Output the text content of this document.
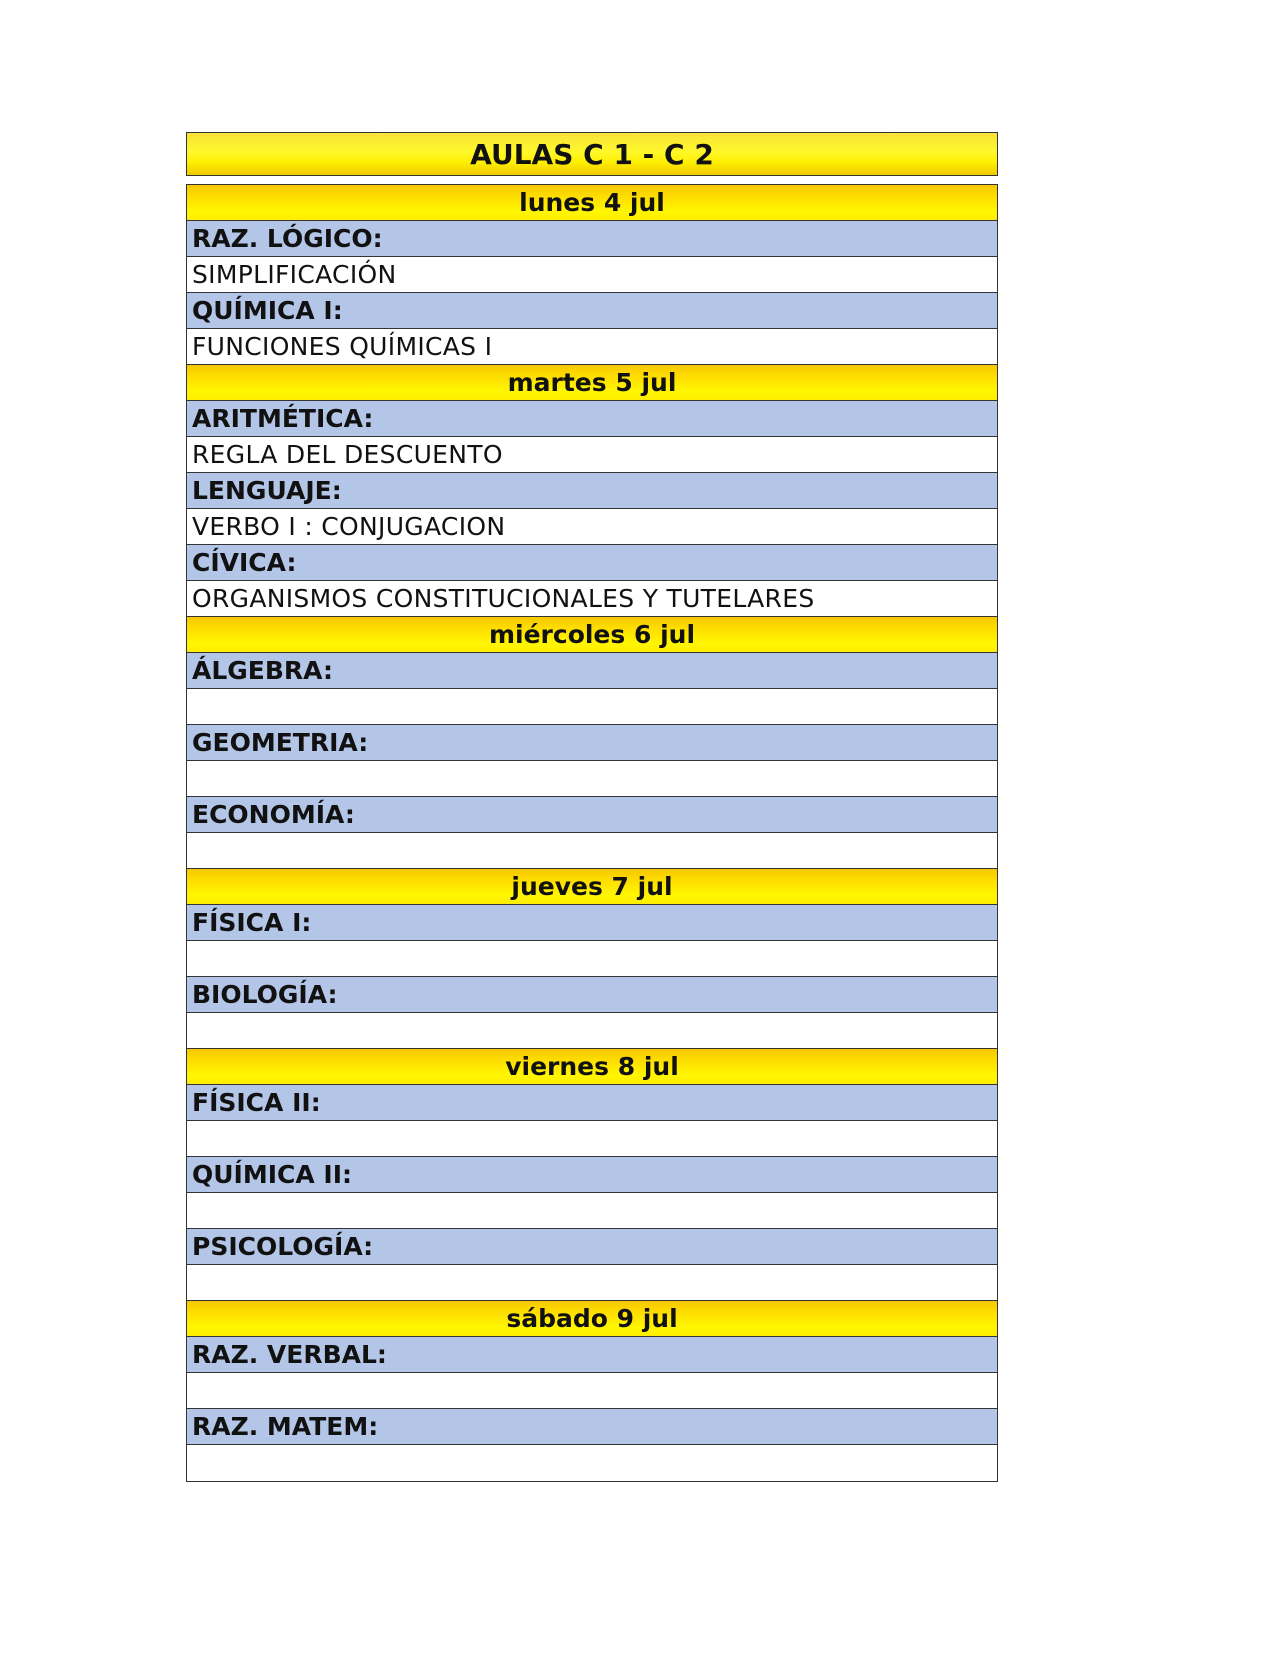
AULAS C 1 - C 2
lunes 4 jul
RAZ. LÓGICO:
SIMPLIFICACIÓN
QUÍMICA I:
FUNCIONES QUÍMICAS I
martes 5 jul
ARITMÉTICA:
REGLA DEL DESCUENTO
LENGUAJE:
VERBO I : CONJUGACION
CÍVICA:
ORGANISMOS CONSTITUCIONALES Y TUTELARES
miércoles 6 jul
ÁLGEBRA:
GEOMETRIA:
ECONOMÍA:
jueves 7 jul
FÍSICA I:
BIOLOGÍA:
viernes 8 jul
FÍSICA II:
QUÍMICA II:
PSICOLOGÍA:
sábado 9 jul
RAZ. VERBAL:
RAZ. MATEM:
